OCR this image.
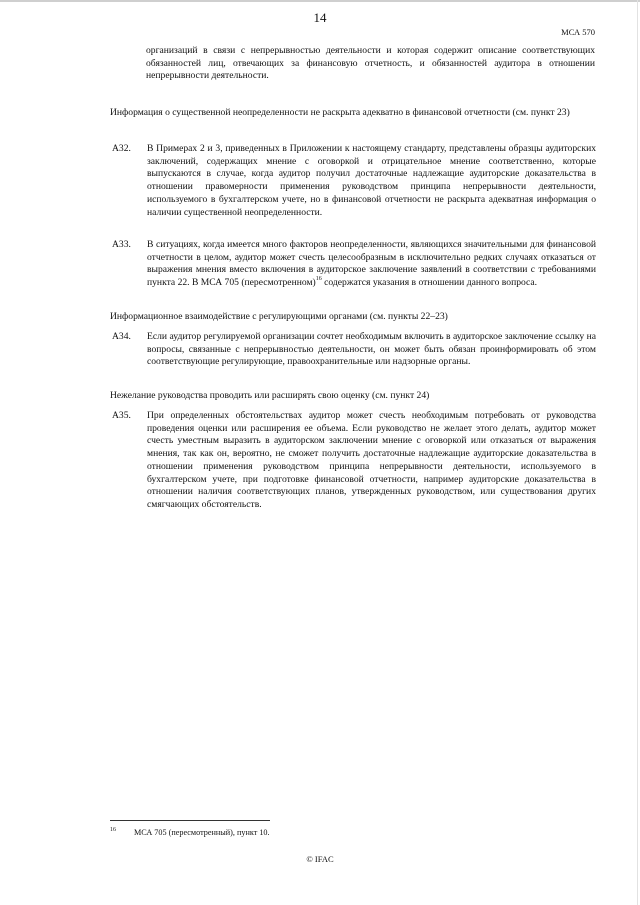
14
МСА 570
организаций в связи с непрерывностью деятельности и которая содержит описание соответствующих обязанностей лиц, отвечающих за финансовую отчетность, и обязанностей аудитора в отношении непрерывности деятельности.
Информация о существенной неопределенности не раскрыта адекватно в финансовой отчетности (см. пункт 23)
A32. В Примерах 2 и 3, приведенных в Приложении к настоящему стандарту, представлены образцы аудиторских заключений, содержащих мнение с оговоркой и отрицательное мнение соответственно, которые выпускаются в случае, когда аудитор получил достаточные надлежащие аудиторские доказательства в отношении правомерности применения руководством принципа непрерывности деятельности, используемого в бухгалтерском учете, но в финансовой отчетности не раскрыта адекватная информация о наличии существенной неопределенности.
A33. В ситуациях, когда имеется много факторов неопределенности, являющихся значительными для финансовой отчетности в целом, аудитор может счесть целесообразным в исключительно редких случаях отказаться от выражения мнения вместо включения в аудиторское заключение заявлений в соответствии с требованиями пункта 22. В МСА 705 (пересмотренном)$^{16}$ содержатся указания в отношении данного вопроса.
Информационное взаимодействие с регулирующими органами (см. пункты 22–23)
A34. Если аудитор регулируемой организации сочтет необходимым включить в аудиторское заключение ссылку на вопросы, связанные с непрерывностью деятельности, он может быть обязан проинформировать об этом соответствующие регулирующие, правоохранительные или надзорные органы.
Нежелание руководства проводить или расширять свою оценку (см. пункт 24)
A35. При определенных обстоятельствах аудитор может счесть необходимым потребовать от руководства проведения оценки или расширения ее объема. Если руководство не желает этого делать, аудитор может счесть уместным выразить в аудиторском заключении мнение с оговоркой или отказаться от выражения мнения, так как он, вероятно, не сможет получить достаточные надлежащие аудиторские доказательства в отношении применения руководством принципа непрерывности деятельности, используемого в бухгалтерском учете, при подготовке финансовой отчетности, например аудиторские доказательства в отношении наличия соответствующих планов, утвержденных руководством, или существования других смягчающих обстоятельств.
16 МСА 705 (пересмотренный), пункт 10.
© IFAC
